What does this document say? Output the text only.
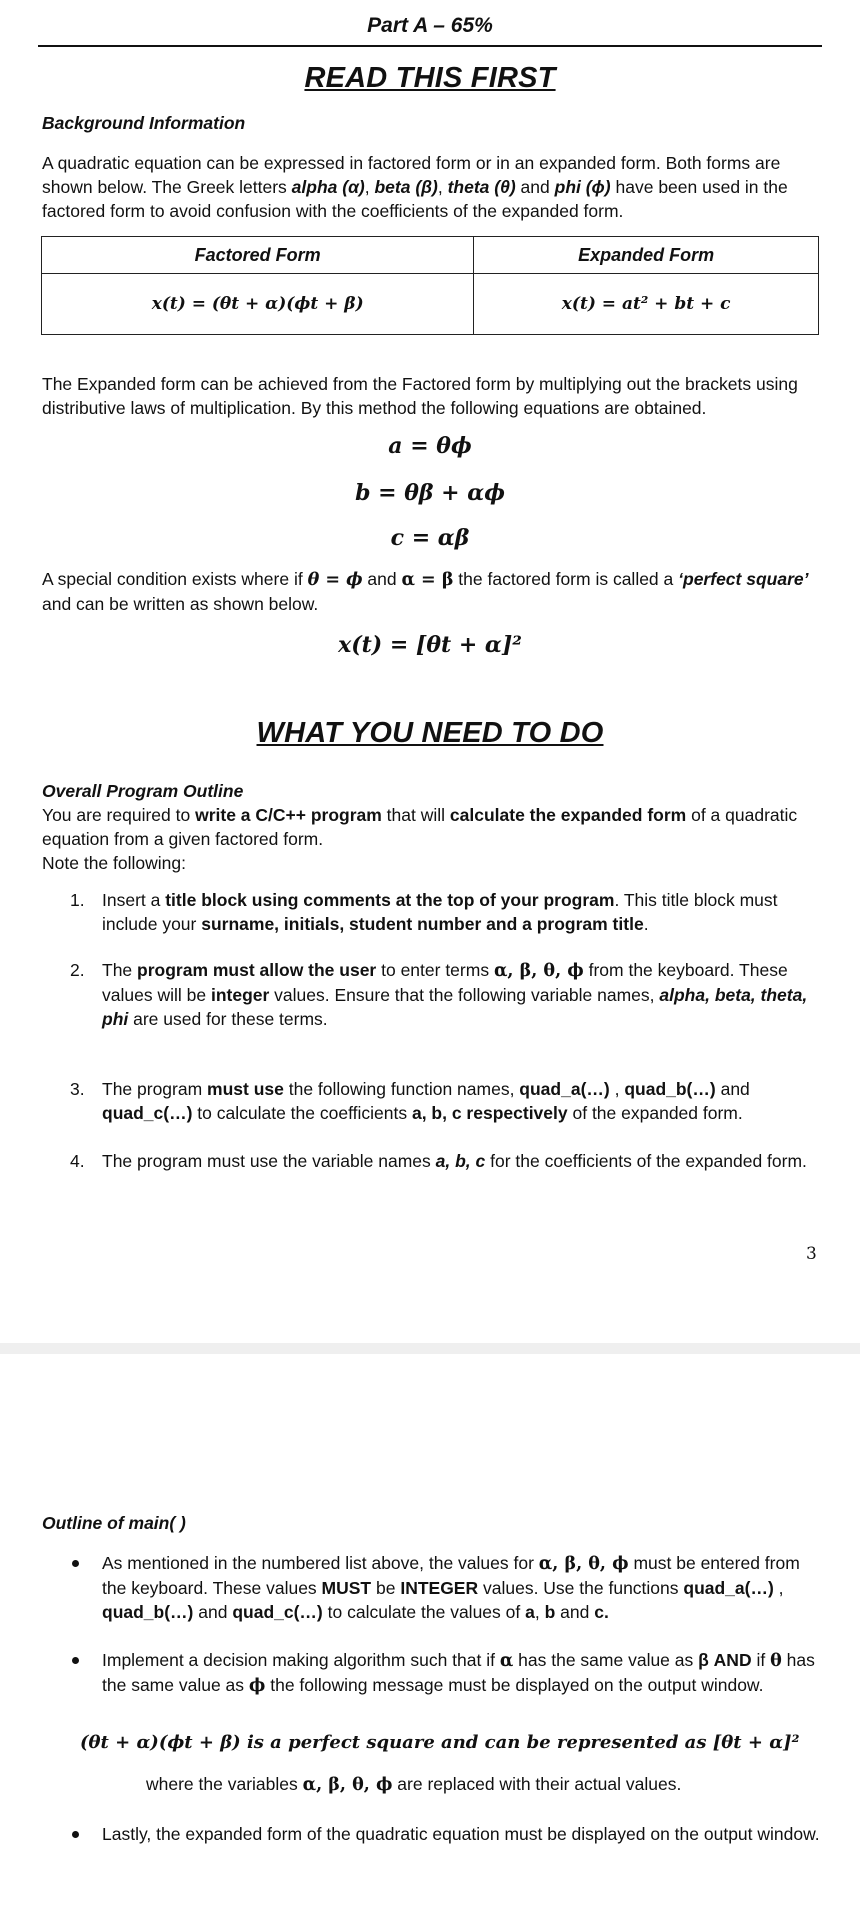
Part A – 65%
READ THIS FIRST
Background Information
A quadratic equation can be expressed in factored form or in an expanded form. Both forms are shown below. The Greek letters alpha (α), beta (β), theta (θ) and phi (ϕ) have been used in the factored form to avoid confusion with the coefficients of the expanded form.
Factored Form	Expanded Form
x(t) = (θt + α)(ϕt + β)	x(t) = at² + bt + c
The Expanded form can be achieved from the Factored form by multiplying out the brackets using distributive laws of multiplication. By this method the following equations are obtained.
a = θϕ
b = θβ + αϕ
c = αβ
A special condition exists where if θ = ϕ and α = β the factored form is called a ‘perfect square’ and can be written as shown below.
x(t) = [θt + α]²
WHAT YOU NEED TO DO
Overall Program Outline
You are required to write a C/C++ program that will calculate the expanded form of a quadratic equation from a given factored form.
Note the following:
1. Insert a title block using comments at the top of your program. This title block must include your surname, initials, student number and a program title.
2. The program must allow the user to enter terms α, β, θ, ϕ from the keyboard. These values will be integer values. Ensure that the following variable names, alpha, beta, theta, phi are used for these terms.
3. The program must use the following function names, quad_a(…) , quad_b(…) and quad_c(…) to calculate the coefficients a, b, c respectively of the expanded form.
4. The program must use the variable names a, b, c for the coefficients of the expanded form.
3
Outline of main( )
As mentioned in the numbered list above, the values for α, β, θ, ϕ must be entered from the keyboard. These values MUST be INTEGER values. Use the functions quad_a(…) , quad_b(…) and quad_c(…) to calculate the values of a, b and c.
Implement a decision making algorithm such that if α has the same value as β AND if θ has the same value as ϕ the following message must be displayed on the output window.
(θt + α)(ϕt + β) is a perfect square and can be represented as [θt + α]²
where the variables α, β, θ, ϕ are replaced with their actual values.
Lastly, the expanded form of the quadratic equation must be displayed on the output window.
